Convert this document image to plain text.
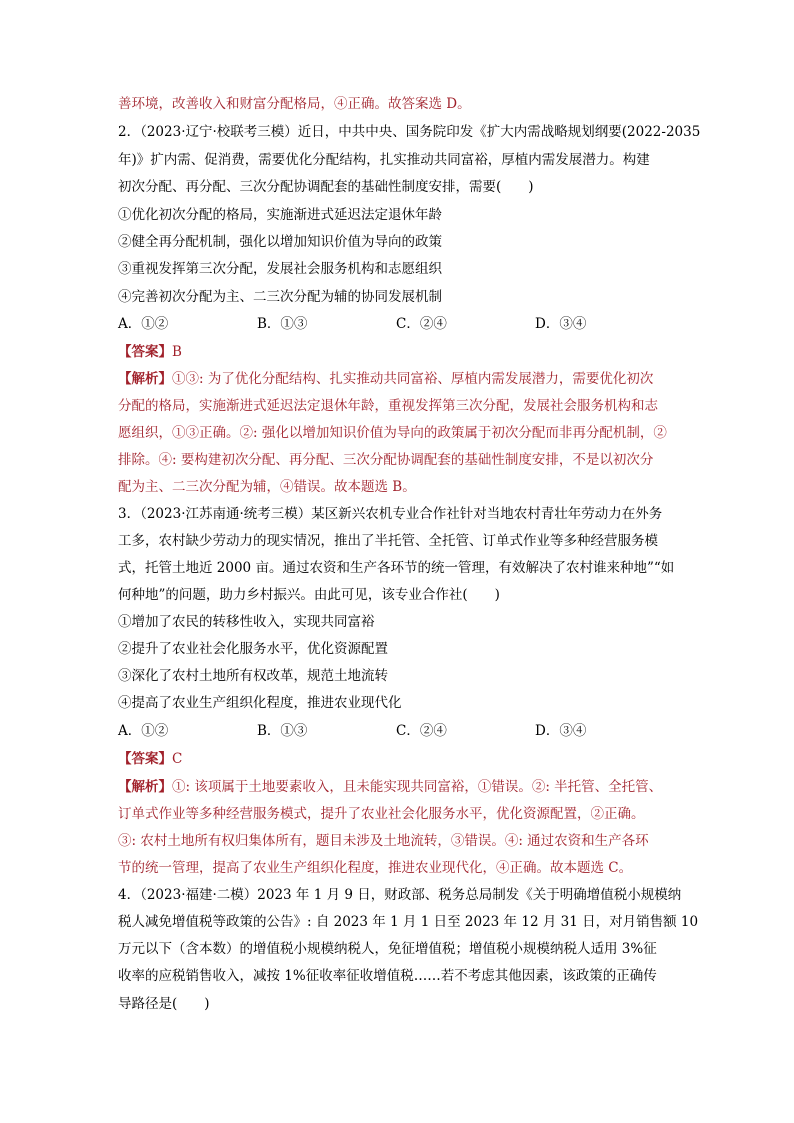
善环境，改善收入和财富分配格局，④正确。故答案选 D。
2．（2023·辽宁·校联考三模）近日，中共中央、国务院印发《扩大内需战略规划纲要(2022-2035
年)》扩内需、促消费，需要优化分配结构，扎实推动共同富裕，厚植内需发展潜力。构建
初次分配、再分配、三次分配协调配套的基础性制度安排，需要(　　)
①优化初次分配的格局，实施渐进式延迟法定退休年龄
②健全再分配机制，强化以增加知识价值为导向的政策
③重视发挥第三次分配，发展社会服务机构和志愿组织
④完善初次分配为主、二三次分配为辅的协同发展机制
A．①②	B．①③	C．②④	D．③④
【答案】B
【解析】①③: 为了优化分配结构、扎实推动共同富裕、厚植内需发展潜力，需要优化初次
分配的格局，实施渐进式延迟法定退休年龄，重视发挥第三次分配，发展社会服务机构和志
愿组织，①③正确。②: 强化以增加知识价值为导向的政策属于初次分配而非再分配机制，②
排除。④: 要构建初次分配、再分配、三次分配协调配套的基础性制度安排，不是以初次分
配为主、二三次分配为辅，④错误。故本题选 B。
3．（2023·江苏南通·统考三模）某区新兴农机专业合作社针对当地农村青壮年劳动力在外务
工多，农村缺少劳动力的现实情况，推出了半托管、全托管、订单式作业等多种经营服务模
式，托管土地近 2000 亩。通过农资和生产各环节的统一管理，有效解决了农村谁来种地”“如
何种地”的问题，助力乡村振兴。由此可见，该专业合作社(　　)
①增加了农民的转移性收入，实现共同富裕
②提升了农业社会化服务水平，优化资源配置
③深化了农村土地所有权改革，规范土地流转
④提高了农业生产组织化程度，推进农业现代化
A．①②	B．①③	C．②④	D．③④
【答案】C
【解析】①: 该项属于土地要素收入，且未能实现共同富裕，①错误。②: 半托管、全托管、
订单式作业等多种经营服务模式，提升了农业社会化服务水平，优化资源配置，②正确。
③: 农村土地所有权归集体所有，题目未涉及土地流转，③错误。④: 通过农资和生产各环
节的统一管理，提高了农业生产组织化程度，推进农业现代化，④正确。故本题选 C。
4．（2023·福建·二模）2023 年 1 月 9 日，财政部、税务总局制发《关于明确增值税小规模纳
税人减免增值税等政策的公告》: 自 2023 年 1 月 1 日至 2023 年 12 月 31 日，对月销售额 10
万元以下（含本数）的增值税小规模纳税人，免征增值税；增值税小规模纳税人适用 3%征
收率的应税销售收入，减按 1%征收率征收增值税……若不考虑其他因素，该政策的正确传
导路径是(　　)
